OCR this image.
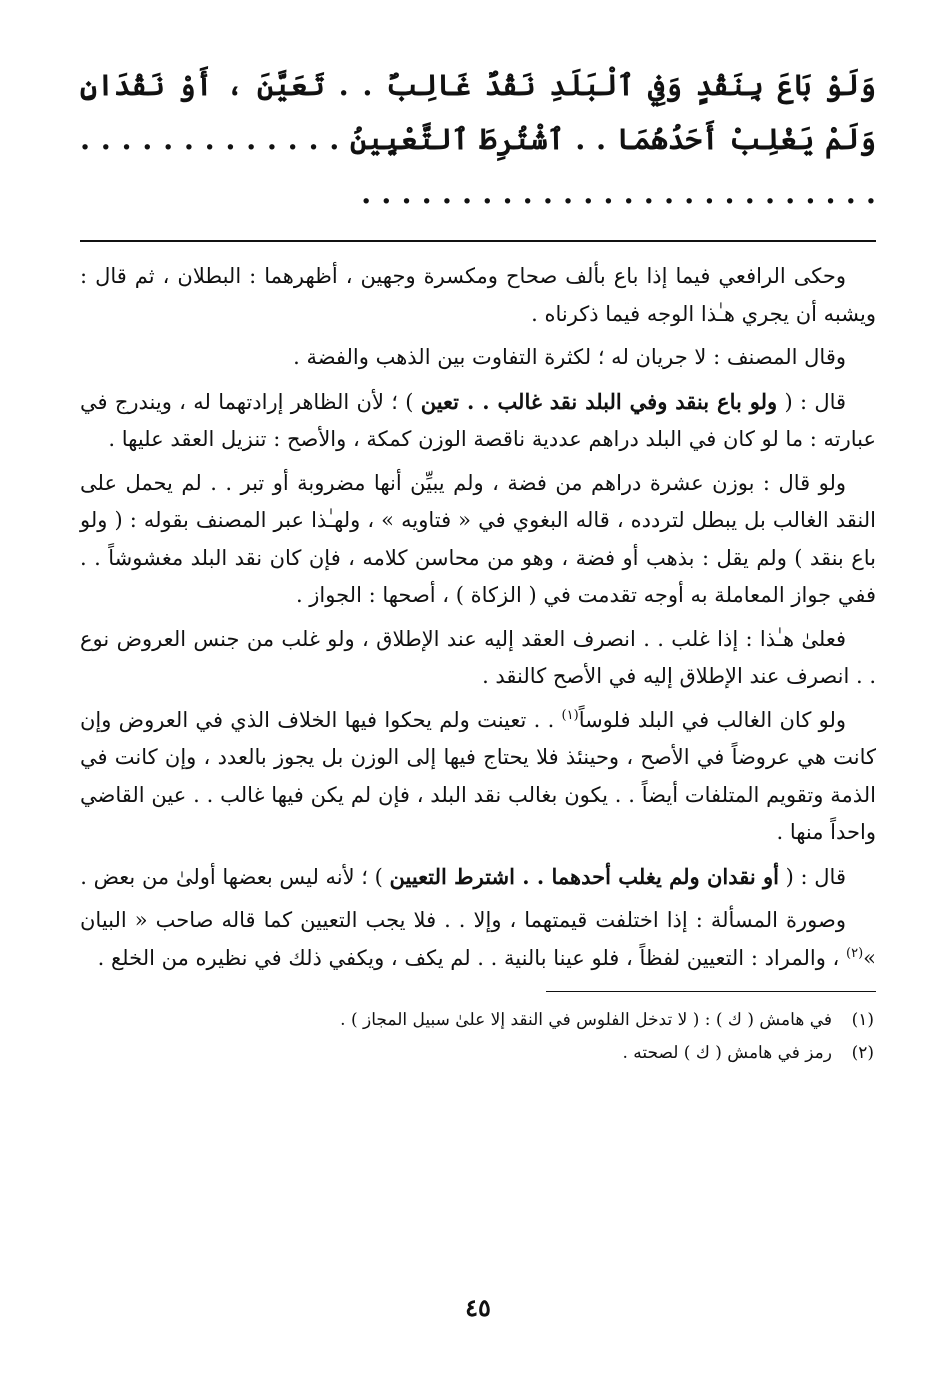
وَلَوْ بَاعَ بِنَقْدٍ وَفِي ٱلْبَلَدِ نَقْدٌ غَالِبٌ . . تَعَيَّنَ ، أَوْ نَقْدَانِ وَلَمْ يَغْلِبْ أَحَدُهُمَا . . ٱشْتُرِطَ ٱلتَّعْيِينُ . . . . . . . . . . . . . . . . . . . . . . . . . . . . . . . . . . . . . . .

وحكى الرافعي فيما إذا باع بألف صحاح ومكسرة وجهين ، أظهرهما : البطلان ، ثم قال : ويشبه أن يجري هـٰذا الوجه فيما ذكرناه .

وقال المصنف : لا جريان له ؛ لكثرة التفاوت بين الذهب والفضة .

قال : ( ولو باع بنقد وفي البلد نقد غالب . . تعين ) ؛ لأن الظاهر إرادتهما له ، ويندرج في عبارته : ما لو كان في البلد دراهم عددية ناقصة الوزن كمكة ، والأصح : تنزيل العقد عليها .

ولو قال : بوزن عشرة دراهم من فضة ، ولم يبيِّن أنها مضروبة أو تبر . . لم يحمل على النقد الغالب بل يبطل لتردده ، قاله البغوي في « فتاويه » ، ولهـٰذا عبر المصنف بقوله : ( ولو باع بنقد ) ولم يقل : بذهب أو فضة ، وهو من محاسن كلامه ، فإن كان نقد البلد مغشوشاً . . ففي جواز المعاملة به أوجه تقدمت في ( الزكاة ) ، أصحها : الجواز .

فعلىٰ هـٰذا : إذا غلب . . انصرف العقد إليه عند الإطلاق ، ولو غلب من جنس العروض نوع . . انصرف عند الإطلاق إليه في الأصح كالنقد .

ولو كان الغالب في البلد فلوساً$^{(١)}$ . . تعينت ولم يحكوا فيها الخلاف الذي في العروض وإن كانت هي عروضاً في الأصح ، وحينئذ فلا يحتاج فيها إلى الوزن بل يجوز بالعدد ، وإن كانت في الذمة وتقويم المتلفات أيضاً . . يكون بغالب نقد البلد ، فإن لم يكن فيها غالب . . عين القاضي واحداً منها .

قال : ( أو نقدان ولم يغلب أحدهما . . اشترط التعيين ) ؛ لأنه ليس بعضها أولىٰ من بعض .

وصورة المسألة : إذا اختلفت قيمتهما ، وإلا . . فلا يجب التعيين كما قاله صاحب « البيان »$^{(٢)}$ ، والمراد : التعيين لفظاً ، فلو عينا بالنية . . لم يكف ، ويكفي ذلك في نظيره من الخلع .

(١)
في هامش ( ك ) : ( لا تدخل الفلوس في النقد إلا علىٰ سبيل المجاز ) .
(٢)
رمز في هامش ( ك ) لصحته .
٤٥
